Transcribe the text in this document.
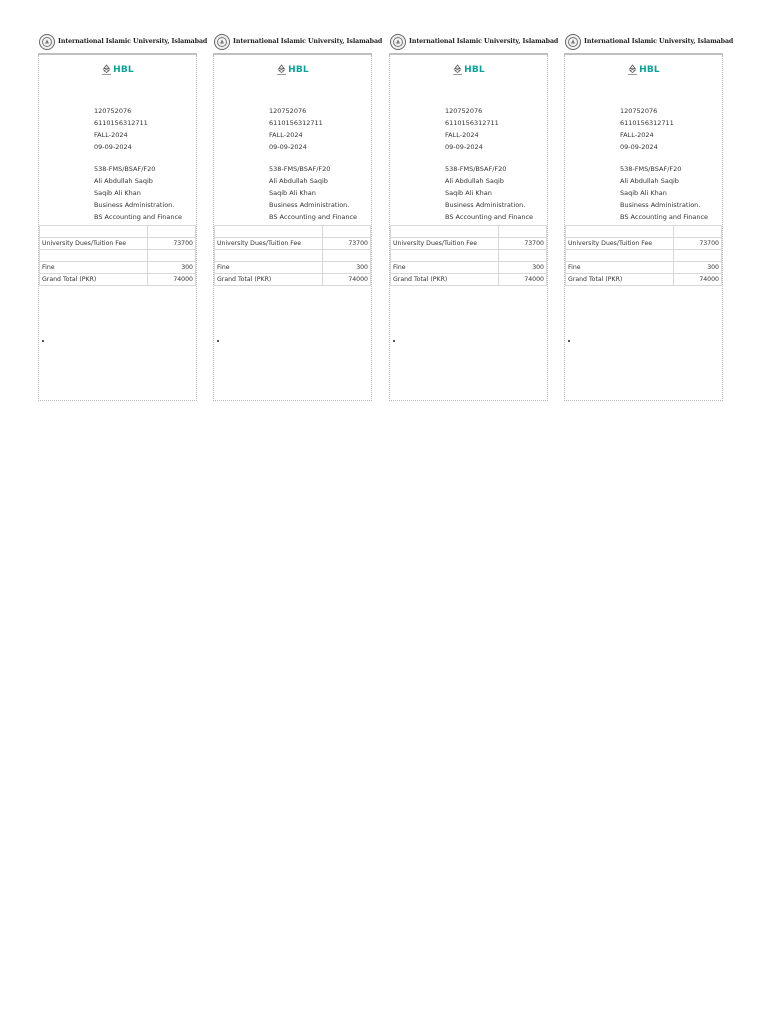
International Islamic University, Islamabad
HBL
120752076
6110156312711
FALL-2024
09-09-2024
538-FMS/BSAF/F20
Ali Abdullah Saqib
Saqib Ali Khan
Business Administration.
BS Accounting and Finance

University Dues/Tuition Fee	73700

Fine	300
Grand Total (PKR)	74000
International Islamic University, Islamabad
HBL
120752076
6110156312711
FALL-2024
09-09-2024
538-FMS/BSAF/F20
Ali Abdullah Saqib
Saqib Ali Khan
Business Administration.
BS Accounting and Finance

University Dues/Tuition Fee	73700

Fine	300
Grand Total (PKR)	74000
International Islamic University, Islamabad
HBL
120752076
6110156312711
FALL-2024
09-09-2024
538-FMS/BSAF/F20
Ali Abdullah Saqib
Saqib Ali Khan
Business Administration.
BS Accounting and Finance

University Dues/Tuition Fee	73700

Fine	300
Grand Total (PKR)	74000
International Islamic University, Islamabad
HBL
120752076
6110156312711
FALL-2024
09-09-2024
538-FMS/BSAF/F20
Ali Abdullah Saqib
Saqib Ali Khan
Business Administration.
BS Accounting and Finance

University Dues/Tuition Fee	73700

Fine	300
Grand Total (PKR)	74000
